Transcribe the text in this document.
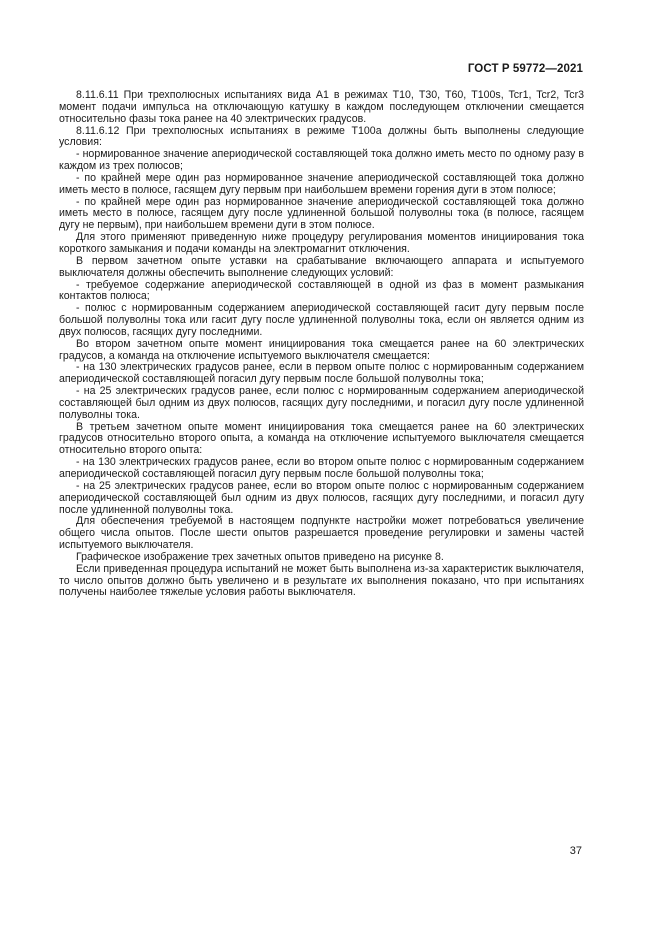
ГОСТ Р 59772—2021

8.11.6.11 При трехполюсных испытаниях вида А1 в режимах Т10, Т30, Т60, Т100s, Tcr1, Tcr2, Tcr3 момент подачи импульса на отключающую катушку в каждом последующем отключении смещается относительно фазы тока ранее на 40 электрических градусов.

8.11.6.12 При трехполюсных испытаниях в режиме Т100а должны быть выполнены следующие условия:

- нормированное значение апериодической составляющей тока должно иметь место по одному разу в каждом из трех полюсов;

- по крайней мере один раз нормированное значение апериодической составляющей тока должно иметь место в полюсе, гасящем дугу первым при наибольшем времени горения дуги в этом полюсе;

- по крайней мере один раз нормированное значение апериодической составляющей тока должно иметь место в полюсе, гасящем дугу после удлиненной большой полуволны тока (в полюсе, гасящем дугу не первым), при наибольшем времени дуги в этом полюсе.

Для этого применяют приведенную ниже процедуру регулирования моментов инициирования тока короткого замыкания и подачи команды на электромагнит отключения.

В первом зачетном опыте уставки на срабатывание включающего аппарата и испытуемого выключателя должны обеспечить выполнение следующих условий:

- требуемое содержание апериодической составляющей в одной из фаз в момент размыкания контактов полюса;

- полюс с нормированным содержанием апериодической составляющей гасит дугу первым после большой полуволны тока или гасит дугу после удлиненной полуволны тока, если он является одним из двух полюсов, гасящих дугу последними.

Во втором зачетном опыте момент инициирования тока смещается ранее на 60 электрических градусов, а команда на отключение испытуемого выключателя смещается:

- на 130 электрических градусов ранее, если в первом опыте полюс с нормированным содержанием апериодической составляющей погасил дугу первым после большой полуволны тока;

- на 25 электрических градусов ранее, если полюс с нормированным содержанием апериодической составляющей был одним из двух полюсов, гасящих дугу последними, и погасил дугу после удлиненной полуволны тока.

В третьем зачетном опыте момент инициирования тока смещается ранее на 60 электрических градусов относительно второго опыта, а команда на отключение испытуемого выключателя смещается относительно второго опыта:

- на 130 электрических градусов ранее, если во втором опыте полюс с нормированным содержанием апериодической составляющей погасил дугу первым после большой полуволны тока;

- на 25 электрических градусов ранее, если во втором опыте полюс с нормированным содержанием апериодической составляющей был одним из двух полюсов, гасящих дугу последними, и погасил дугу после удлиненной полуволны тока.

Для обеспечения требуемой в настоящем подпункте настройки может потребоваться увеличение общего числа опытов. После шести опытов разрешается проведение регулировки и замены частей испытуемого выключателя.

Графическое изображение трех зачетных опытов приведено на рисунке 8.

Если приведенная процедура испытаний не может быть выполнена из-за характеристик выключателя, то число опытов должно быть увеличено и в результате их выполнения показано, что при испытаниях получены наиболее тяжелые условия работы выключателя.

37
